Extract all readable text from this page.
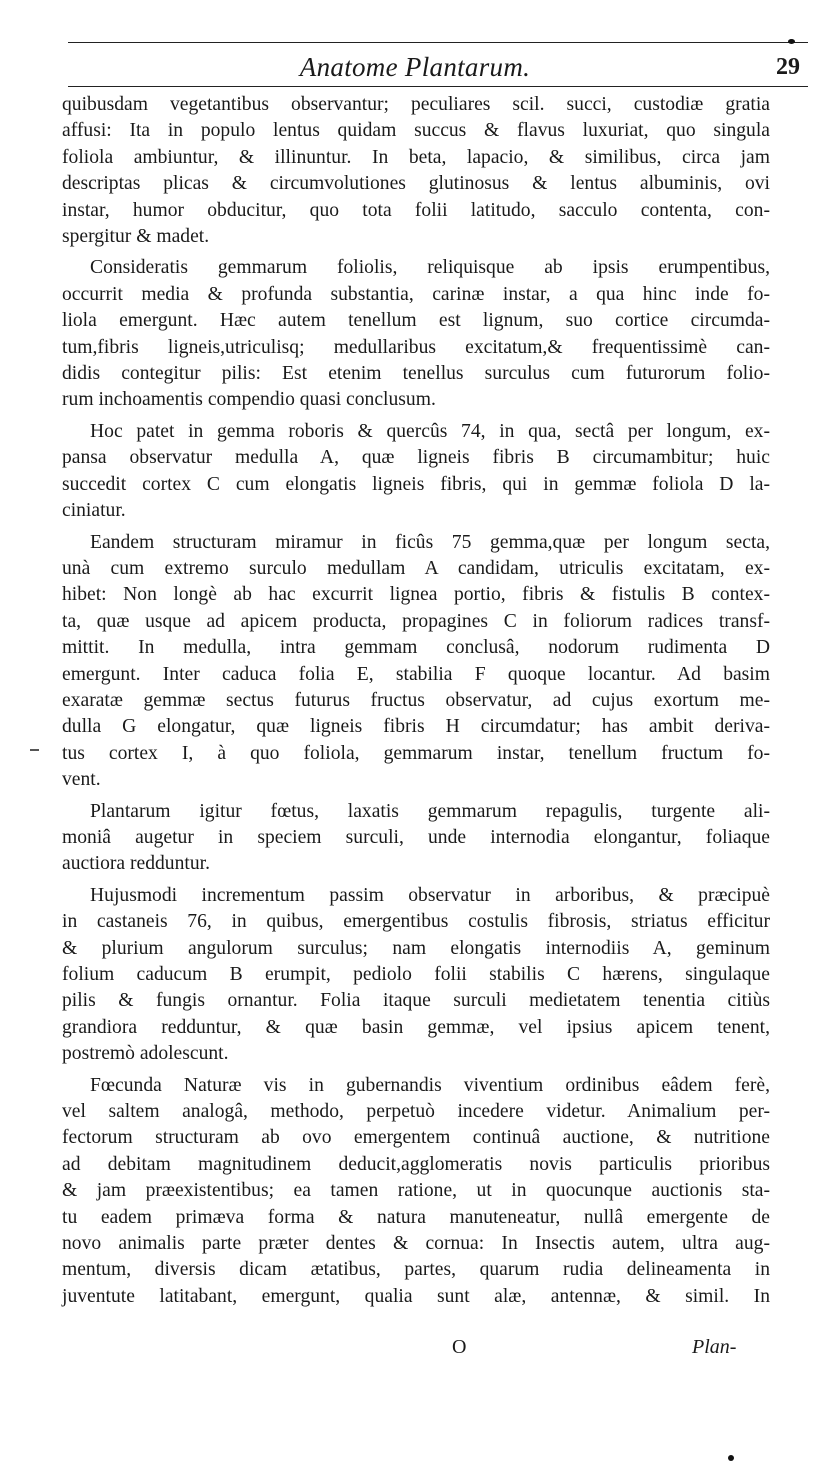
Anatome Plantarum.	29
quibusdam vegetantibus observantur; peculiares scil. succi, custodiæ gratia
affusi: Ita in populo lentus quidam succus & flavus luxuriat, quo singula
foliola ambiuntur, & illinuntur. In beta, lapacio, & similibus, circa jam
descriptas plicas & circumvolutiones glutinosus & lentus albuminis, ovi
instar, humor obducitur, quo tota folii latitudo, sacculo contenta, con-
spergitur & madet.
Consideratis gemmarum foliolis, reliquisque ab ipsis erumpentibus,
occurrit media & profunda substantia, carinæ instar, a qua hinc inde fo-
liola emergunt. Hæc autem tenellum est lignum, suo cortice circumda-
tum,fibris ligneis,utriculisq; medullaribus excitatum,& frequentissimè can-
didis contegitur pilis: Est etenim tenellus surculus cum futurorum folio-
rum inchoamentis compendio quasi conclusum.
Hoc patet in gemma roboris & quercûs 74, in qua, sectâ per longum, ex-
pansa observatur medulla A, quæ ligneis fibris B circumambitur; huic
succedit cortex C cum elongatis ligneis fibris, qui in gemmæ foliola D la-
ciniatur.
Eandem structuram miramur in ficûs 75 gemma,quæ per longum secta,
unà cum extremo surculo medullam A candidam, utriculis excitatam, ex-
hibet: Non longè ab hac excurrit lignea portio, fibris & fistulis B contex-
ta, quæ usque ad apicem producta, propagines C in foliorum radices transf-
mittit. In medulla, intra gemmam conclusâ, nodorum rudimenta D
emergunt. Inter caduca folia E, stabilia F quoque locantur. Ad basim
exaratæ gemmæ sectus futurus fructus observatur, ad cujus exortum me-
dulla G elongatur, quæ ligneis fibris H circumdatur; has ambit deriva-
tus cortex I, à quo foliola, gemmarum instar, tenellum fructum fo-
vent.
Plantarum igitur fœtus, laxatis gemmarum repagulis, turgente ali-
moniâ augetur in speciem surculi, unde internodia elongantur, foliaque
auctiora redduntur.
Hujusmodi incrementum passim observatur in arboribus, & præcipuè
in castaneis 76, in quibus, emergentibus costulis fibrosis, striatus efficitur
& plurium angulorum surculus; nam elongatis internodiis A, geminum
folium caducum B erumpit, pediolo folii stabilis C hærens, singulaque
pilis & fungis ornantur. Folia itaque surculi medietatem tenentia citiùs
grandiora redduntur, & quæ basin gemmæ, vel ipsius apicem tenent,
postremò adolescunt.
Fœcunda Naturæ vis in gubernandis viventium ordinibus eâdem ferè,
vel saltem analogâ, methodo, perpetuò incedere videtur. Animalium per-
fectorum structuram ab ovo emergentem continuâ auctione, & nutritione
ad debitam magnitudinem deducit,agglomeratis novis particulis prioribus
& jam præexistentibus; ea tamen ratione, ut in quocunque auctionis sta-
tu eadem primæva forma & natura manuteneatur, nullâ emergente de
novo animalis parte præter dentes & cornua: In Insectis autem, ultra aug-
mentum, diversis dicam ætatibus, partes, quarum rudia delineamenta in
juventute latitabant, emergunt, qualia sunt alæ, antennæ, & simil. In
O	Plan-
